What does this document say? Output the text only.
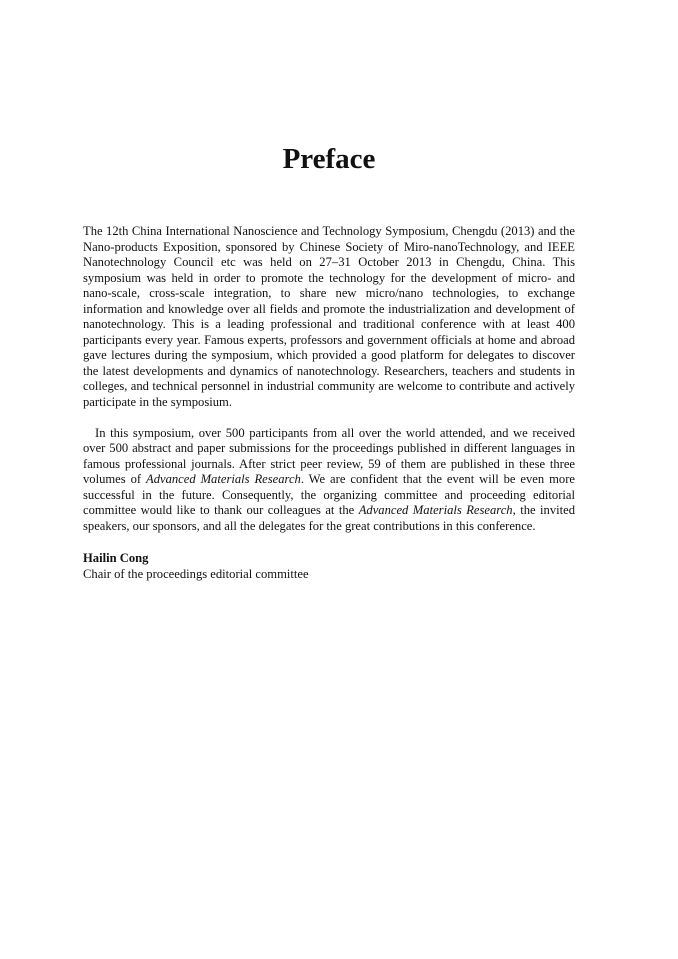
Preface

The 12th China International Nanoscience and Technology Symposium, Chengdu (2013) and the Nano-products Exposition, sponsored by Chinese Society of Miro-nanoTechnology, and IEEE Nanotechnology Council etc was held on 27–31 October 2013 in Chengdu, China. This symposium was held in order to promote the technology for the development of micro- and nano-scale, cross-scale integration, to share new micro/nano technologies, to exchange information and knowledge over all fields and promote the industrialization and development of nanotechnology. This is a leading professional and traditional conference with at least 400 participants every year. Famous experts, professors and government officials at home and abroad gave lectures during the symposium, which provided a good platform for delegates to discover the latest developments and dynamics of nanotechnology. Researchers, teachers and students in colleges, and technical personnel in industrial community are welcome to contribute and actively participate in the symposium.

In this symposium, over 500 participants from all over the world attended, and we received over 500 abstract and paper submissions for the proceedings published in different languages in famous professional journals. After strict peer review, 59 of them are published in these three volumes of Advanced Materials Research. We are confident that the event will be even more successful in the future. Consequently, the organizing committee and proceeding editorial committee would like to thank our colleagues at the Advanced Materials Research, the invited speakers, our sponsors, and all the delegates for the great contributions in this conference.

Hailin Cong
Chair of the proceedings editorial committee
